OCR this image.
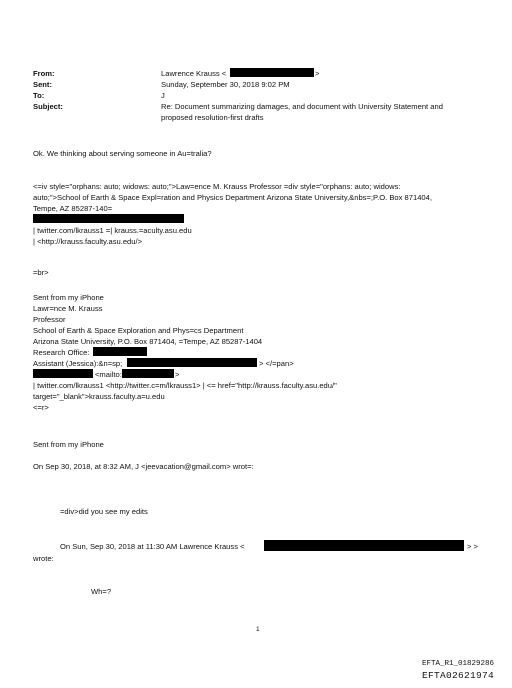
From:	Lawrence Krauss <	>
Sent:	Sunday, September 30, 2018 9:02 PM
To:	J
Subject:	Re: Document summarizing damages, and document with University Statement and
proposed resolution-first drafts
Ok. We thinking about serving someone in Au=tralia?
<=iv style="orphans: auto; widows: auto;">Law=ence M. Krauss Professor =div style="orphans: auto; widows:
auto;">School of Earth & Space Expl=ration and Physics Department Arizona State University,&nbs=;P.O. Box 871404,
Tempe, AZ 85287-140=
| twitter.com/lkrauss1 =| krauss.=aculty.asu.edu
| <http://krauss.faculty.asu.edu/>
=br>
Sent from my iPhone
Lawr=nce M. Krauss
Professor
School of Earth & Space Exploration and Phys=cs Department
Arizona State University, P.O. Box 871404, =Tempe, AZ 85287-1404
Research Office:
Assistant (Jessica):&n=sp;	> </=pan>
<mailto:	>
| twitter.com/lkrauss1 <http://twitter.c=m/lkrauss1> | <= href="http://krauss.faculty.asu.edu/"
target="_blank">krauss.faculty.a=u.edu
<=r>
Sent from my iPhone
On Sep 30, 2018, at 8:32 AM, J <jeevacation@gmail.com> wrot=:
=div>did you see my edits
On Sun, Sep 30, 2018 at 11:30 AM Lawrence Krauss <	> >
wrote:
Wh=?
1
EFTA_R1_01829286
EFTA02621974
